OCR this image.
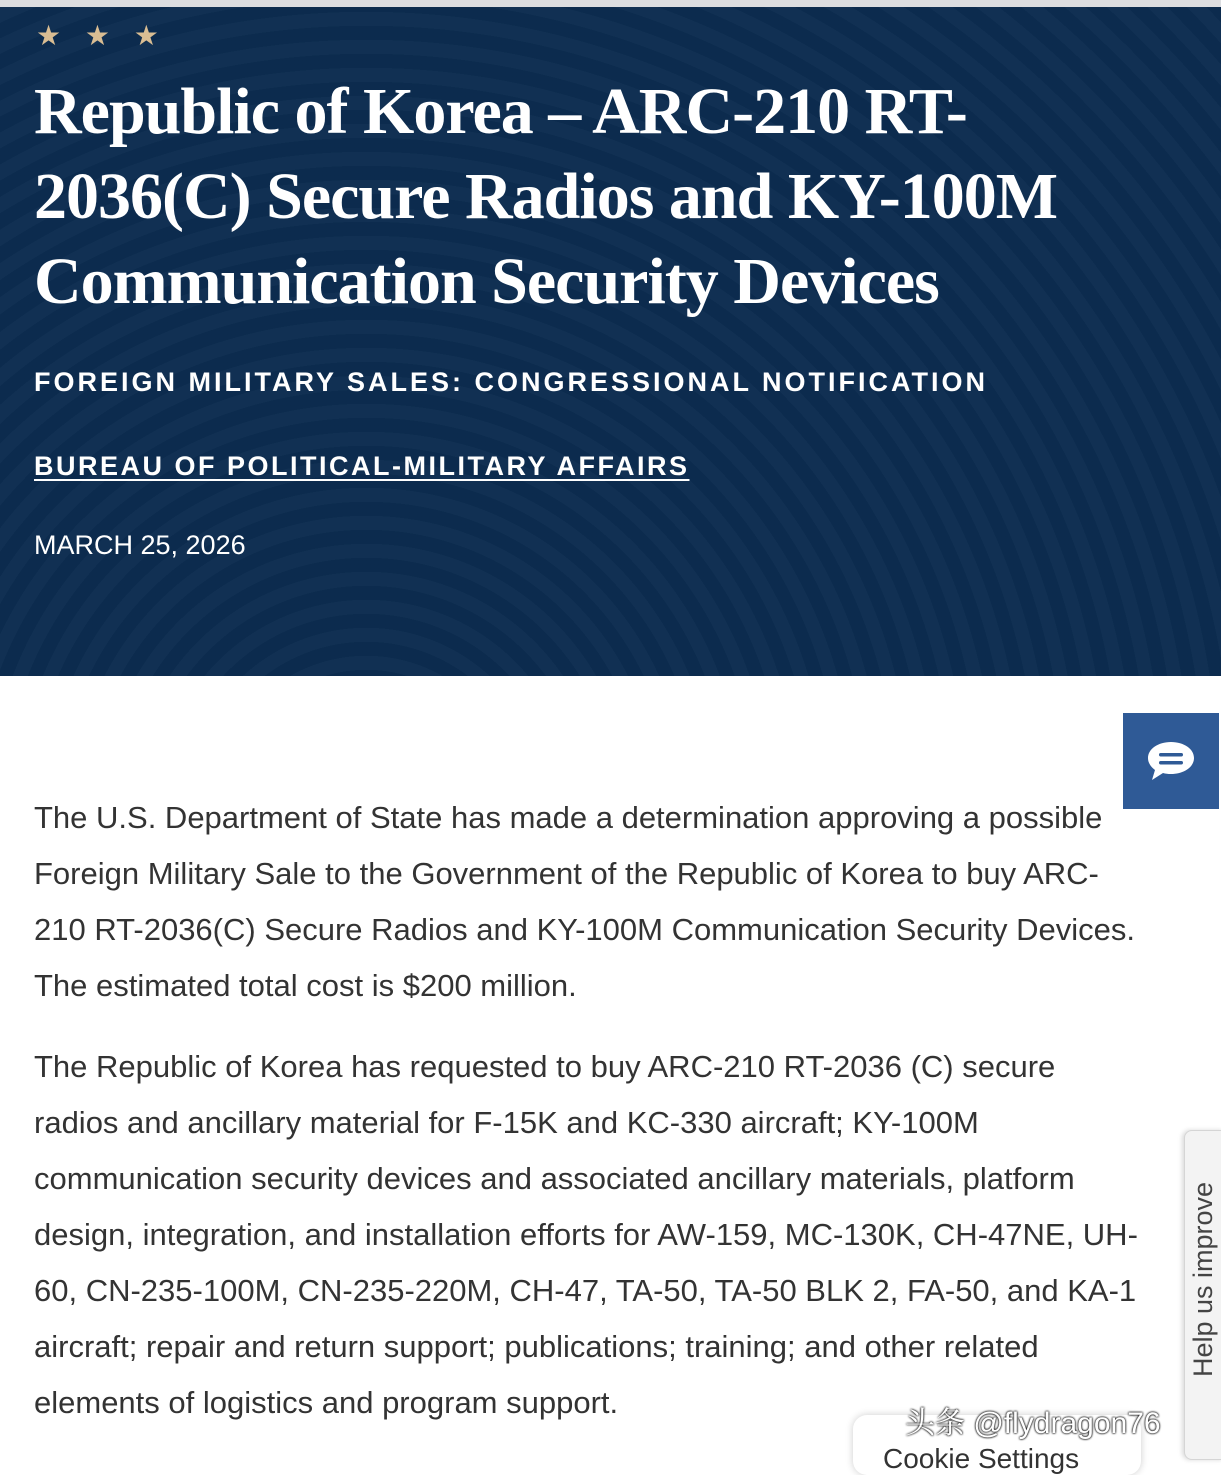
★ ★ ★
Republic of Korea – ARC-210 RT-2036(C) Secure Radios and KY-100M Communication Security Devices
FOREIGN MILITARY SALES: CONGRESSIONAL NOTIFICATION
BUREAU OF POLITICAL-MILITARY AFFAIRS
MARCH 25, 2026

The U.S. Department of State has made a determination approving a possible Foreign Military Sale to the Government of the Republic of Korea to buy ARC-210 RT-2036(C) Secure Radios and KY-100M Communication Security Devices. The estimated total cost is $200 million.

The Republic of Korea has requested to buy ARC-210 RT-2036 (C) secure radios and ancillary material for F-15K and KC-330 aircraft; KY-100M communication security devices and associated ancillary materials, platform design, integration, and installation efforts for AW-159, MC-130K, CH-47NE, UH-60, CN-235-100M, CN-235-220M, CH-47, TA-50, TA-50 BLK 2, FA-50, and KA-1 aircraft; repair and return support; publications; training; and other related elements of logistics and program support.

Help us improve
Cookie Settings
头条 @flydragon76
